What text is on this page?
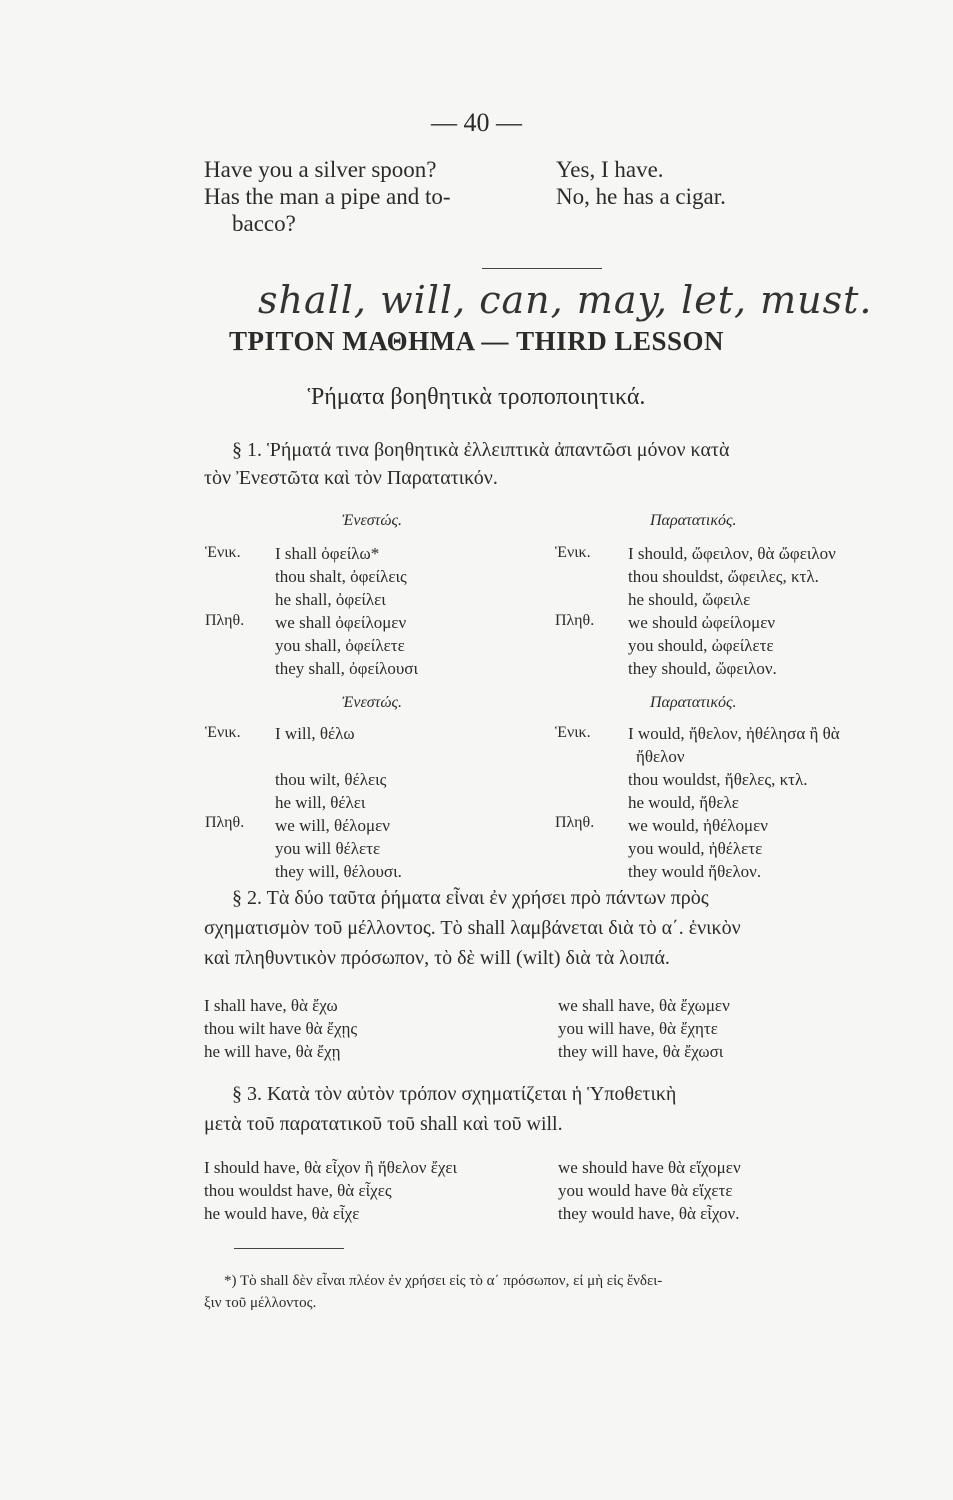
— 40 —
Have you a silver spoon?
Has the man a pipe and to-
bacco?
Yes, I have.
No, he has a cigar.
shall, will, can, may, let, must.
ΤΡΙΤΟΝ ΜΑΘΗΜΑ — THIRD LESSON
Ῥήματα βοηθητικὰ τροποποιητικά.
§ 1. Ῥήματά τινα βοηθητικὰ ἐλλειπτικὰ ἀπαντῶσι μόνον κατὰ
τὸν Ἐνεστῶτα καὶ τὸν Παρατατικόν.
Ἐνεστώς.	Παρατατικός.
Ἑνικ.
Πληθ.
Ἑνικ.
Πληθ.
I shall ὀφείλω*
thou shalt, ὀφείλεις
he shall, ὀφείλει
we shall ὀφείλομεν
you shall, ὀφείλετε
they shall, ὀφείλουσι
I should, ὤφειλον, θὰ ὤφειλον
thou shouldst, ὤφειλες, κτλ.
he should, ὤφειλε
we should ὠφείλομεν
you should, ὠφείλετε
they should, ὤφειλον.
Ἐνεστώς.	Παρατατικός.
Ἑνικ.
Πληθ.
Ἑνικ.
Πληθ.
I will, θέλω
thou wilt, θέλεις
he will, θέλει
we will, θέλομεν
you will θέλετε
they will, θέλουσι.
I would, ἤθελον, ἠθέλησα ἢ θὰ
ἤθελον
thou wouldst, ἤθελες, κτλ.
he would, ἤθελε
we would, ἠθέλομεν
you would, ἠθέλετε
they would ἤθελον.
§ 2. Τὰ δύο ταῦτα ῥήματα εἶναι ἐν χρήσει πρὸ πάντων πρὸς
σχηματισμὸν τοῦ μέλλοντος. Τὸ shall λαμβάνεται διὰ τὸ α΄. ἑνικὸν
καὶ πληθυντικὸν πρόσωπον, τὸ δὲ will (wilt) διὰ τὰ λοιπά.
I shall have, θὰ ἔχω
thou wilt have θὰ ἔχῃς
he will have, θὰ ἔχῃ
we shall have, θὰ ἔχωμεν
you will have, θὰ ἔχητε
they will have, θὰ ἔχωσι
§ 3. Κατὰ τὸν αὐτὸν τρόπον σχηματίζεται ἡ Ὑποθετικὴ
μετὰ τοῦ παρατατικοῦ τοῦ shall καὶ τοῦ will.
I should have, θὰ εἶχον ἢ ἤθελον ἔχει
thou wouldst have, θὰ εἶχες
he would have, θὰ εἶχε
we should have θὰ εἴχομεν
you would have θὰ εἴχετε
they would have, θὰ εἶχον.
*) Τὸ shall δὲν εἶναι πλέον ἐν χρήσει εἰς τὸ α΄ πρόσωπον, εἰ μὴ εἰς ἔνδει-
ξιν τοῦ μέλλοντος.
